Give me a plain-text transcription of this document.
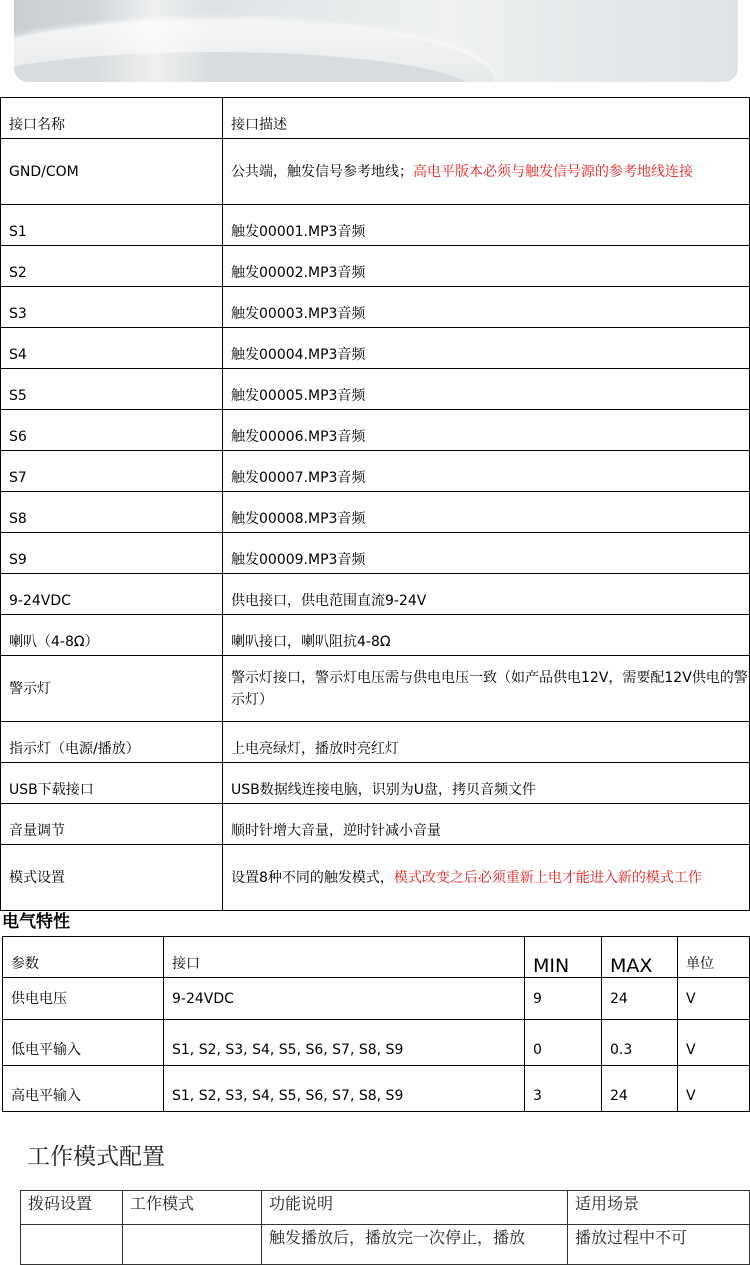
接口名称	接口描述
GND/COM	公共端，触发信号参考地线；高电平版本必须与触发信号源的参考地线连接
S1	触发00001.MP3音频
S2	触发00002.MP3音频
S3	触发00003.MP3音频
S4	触发00004.MP3音频
S5	触发00005.MP3音频
S6	触发00006.MP3音频
S7	触发00007.MP3音频
S8	触发00008.MP3音频
S9	触发00009.MP3音频
9-24VDC	供电接口，供电范围直流9-24V
喇叭（4-8Ω）	喇叭接口，喇叭阻抗4-8Ω
警示灯	警示灯接口，警示灯电压需与供电电压一致（如产品供电12V，需要配12V供电的警示灯）
指示灯（电源/播放）	上电亮绿灯，播放时亮红灯
USB下载接口	USB数据线连接电脑，识别为U盘，拷贝音频文件
音量调节	顺时针增大音量，逆时针减小音量
模式设置	设置8种不同的触发模式，模式改变之后必须重新上电才能进入新的模式工作
电气特性
参数	接口	MIN	MAX	单位
供电电压	9-24VDC	9	24	V
低电平输入	S1, S2, S3, S4, S5, S6, S7, S8, S9	0	0.3	V
高电平输入	S1, S2, S3, S4, S5, S6, S7, S8, S9	3	24	V
工作模式配置
拨码设置	工作模式	功能说明	适用场景
		触发播放后，播放完一次停止，播放	播放过程中不可
